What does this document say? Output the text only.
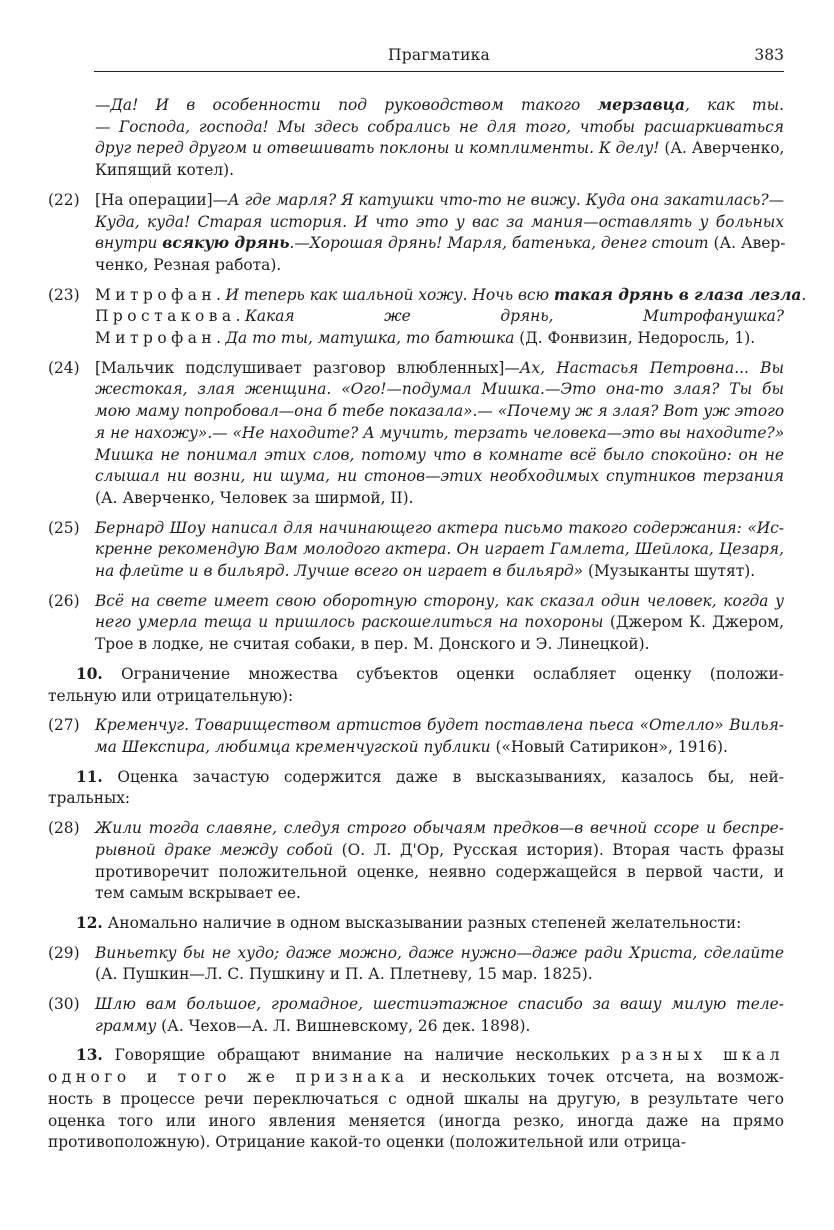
Прагматика	383
—Да! И в особенности под руководством такого мерзавца, как ты.
— Господа, господа! Мы здесь собрались не для того, чтобы расшаркиваться
друг перед другом и отвешивать поклоны и комплименты. К делу! (А. Аверченко,
Кипящий котел).
(22) [На операции]—А где марля? Я катушки что-то не вижу. Куда она закатилась?—
Куда, куда! Старая история. И что это у вас за мания—оставлять у больных
внутри всякую дрянь.—Хорошая дрянь! Марля, батенька, денег стоит (А. Авер-
ченко, Резная работа).
(23) Митрофан.И теперь как шальной хожу. Ночь всю такая дрянь в глаза лезла.
Простакова.Какая же дрянь, Митрофанушка?
Митрофан.Да то ты, матушка, то батюшка (Д. Фонвизин, Недоросль, 1).
(24) [Мальчик подслушивает разговор влюбленных]—Ах, Настасья Петровна... Вы
жестокая, злая женщина. «Ого!—подумал Мишка.—Это она-то злая? Ты бы
мою маму попробовал—она б тебе показала».— «Почему ж я злая? Вот уж этого
я не нахожу».— «Не находите? А мучить, терзать человека—это вы находите?»
Мишка не понимал этих слов, потому что в комнате всё было спокойно: он не
слышал ни возни, ни шума, ни стонов—этих необходимых спутников терзания
(А. Аверченко, Человек за ширмой, II).
(25) Бернард Шоу написал для начинающего актера письмо такого содержания: «Ис-
кренне рекомендую Вам молодого актера. Он играет Гамлета, Шейлока, Цезаря,
на флейте и в бильярд. Лучше всего он играет в бильярд» (Музыканты шутят).
(26) Всё на свете имеет свою оборотную сторону, как сказал один человек, когда у
него умерла теща и пришлось раскошелиться на похороны (Джером К. Джером,
Трое в лодке, не считая собаки, в пер. М. Донского и Э. Линецкой).
10. Ограничение множества субъектов оценки ослабляет оценку (положи-
тельную или отрицательную):
(27) Кременчуг. Товариществом артистов будет поставлена пьеса «Отелло» Вилья-
ма Шекспира, любимца кременчугской публики («Новый Сатирикон», 1916).
11. Оценка зачастую содержится даже в высказываниях, казалось бы, ней-
тральных:
(28) Жили тогда славяне, следуя строго обычаям предков—в вечной ссоре и беспре-
рывной драке между собой (О. Л. Д'Ор, Русская история). Вторая часть фразы
противоречит положительной оценке, неявно содержащейся в первой части, и
тем самым вскрывает ее.
12. Аномально наличие в одном высказывании разных степеней желательности:
(29) Виньетку бы не худо; даже можно, даже нужно—даже ради Христа, сделайте
(А. Пушкин—Л. С. Пушкину и П. А. Плетневу, 15 мар. 1825).
(30) Шлю вам большое, громадное, шестиэтажное спасибо за вашу милую теле-
грамму (А. Чехов—А. Л. Вишневскому, 26 дек. 1898).
13. Говорящие обращают внимание на наличие нескольких разных шкал
одного и того же признака и нескольких точек отсчета, на возмож-
ность в процессе речи переключаться с одной шкалы на другую, в результате чего
оценка того или иного явления меняется (иногда резко, иногда даже на прямо
противоположную). Отрицание какой-то оценки (положительной или отрица-
